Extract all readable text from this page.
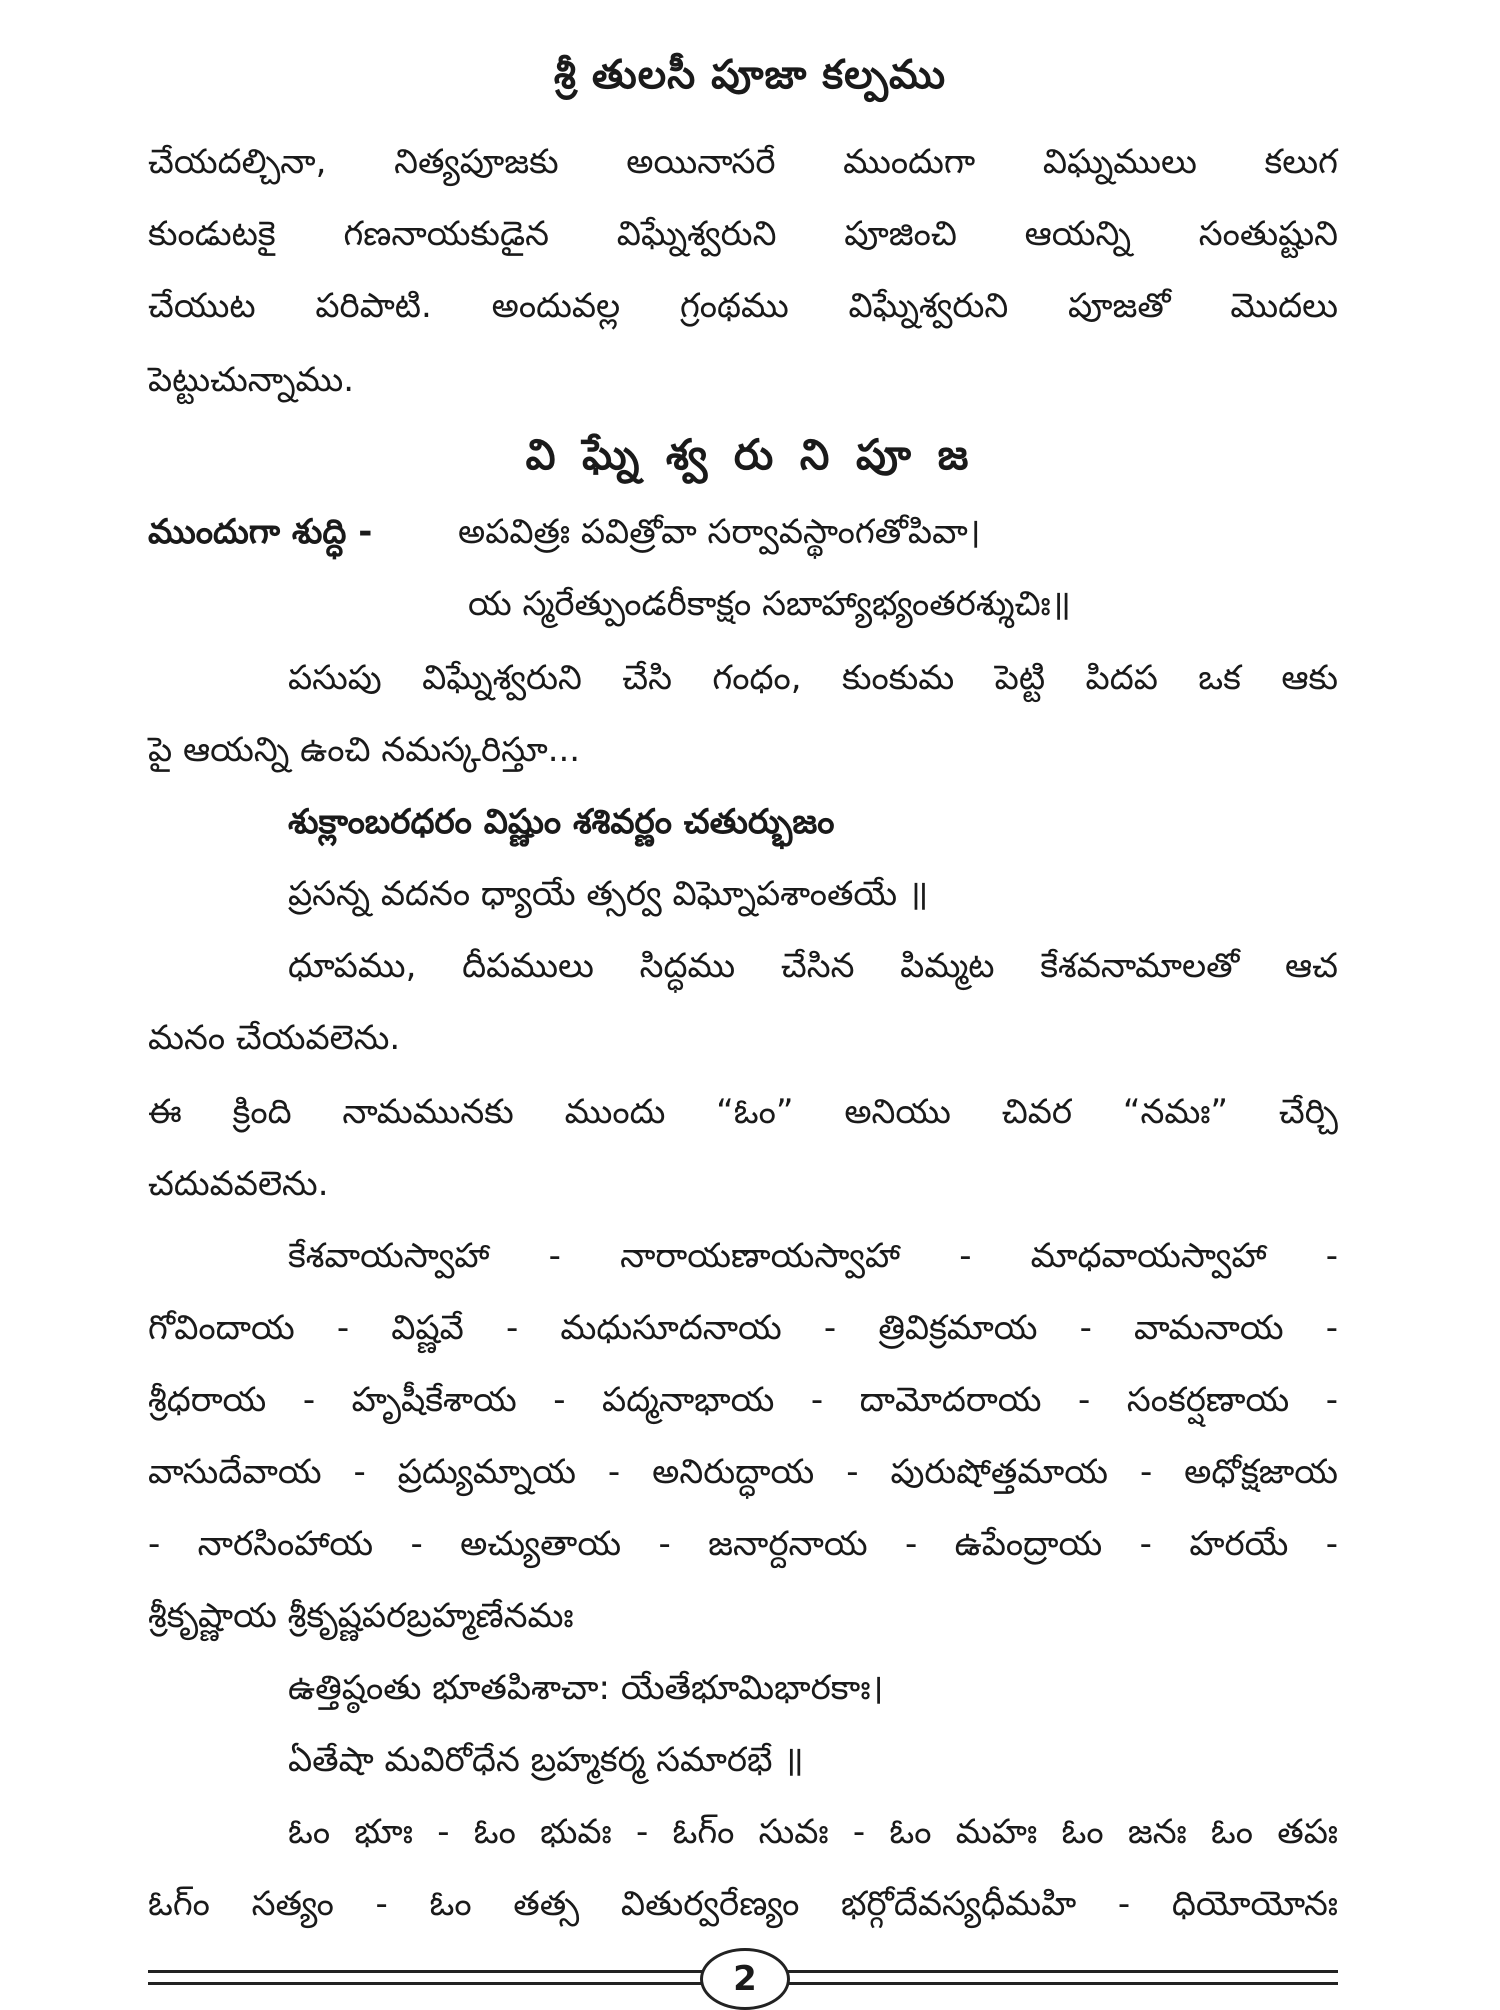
శ్రీ తులసీ పూజా కల్పము
చేయదల్చినా, నిత్యపూజకు అయినాసరే ముందుగా విఘ్నములు కలుగ
కుండుటకై గణనాయకుడైన విఘ్నేశ్వరుని పూజించి ఆయన్ని సంతుష్టుని
చేయుట పరిపాటి. అందువల్ల గ్రంథము విఘ్నేశ్వరుని పూజతో మొదలు
పెట్టుచున్నాము.
వి ఘ్నే శ్వ రు ని పూ జ
ముందుగా శుద్ధి -	అపవిత్రః పవిత్రోవా సర్వావస్థాంగతోపివా।
య స్మరేత్పుండరీకాక్షం సబాహ్యాభ్యంతరశ్శుచిః॥
పసుపు విఘ్నేశ్వరుని చేసి గంధం, కుంకుమ పెట్టి పిదప ఒక ఆకు
పై ఆయన్ని ఉంచి నమస్కరిస్తూ...
శుక్లాంబరధరం విష్ణుం శశివర్ణం చతుర్భుజం
ప్రసన్న వదనం ధ్యాయే త్సర్వ విఘ్నోపశాంతయే ॥
ధూపము, దీపములు సిద్ధము చేసిన పిమ్మట కేశవనామాలతో ఆచ
మనం చేయవలెను.
ఈ క్రింది నామమునకు ముందు “ఓం” అనియు చివర “నమః” చేర్చి
చదువవలెను.
కేశవాయస్వాహా - నారాయణాయస్వాహా - మాధవాయస్వాహా -
గోవిందాయ - విష్ణవే - మధుసూదనాయ - త్రివిక్రమాయ - వామనాయ -
శ్రీధరాయ - హృషీకేశాయ - పద్మనాభాయ - దామోదరాయ - సంకర్షణాయ -
వాసుదేవాయ - ప్రద్యుమ్నాయ - అనిరుద్ధాయ - పురుషోత్తమాయ - అధోక్షజాయ
- నారసింహాయ - అచ్యుతాయ - జనార్దనాయ - ఉపేంద్రాయ - హరయే -
శ్రీకృష్ణాయ శ్రీకృష్ణపరబ్రహ్మణేనమః
ఉత్తిష్ఠంతు భూతపిశాచా: యేతేభూమిభారకాః।
ఏతేషా మవిరోధేన బ్రహ్మకర్మ సమారభే ॥
ఓం భూః - ఓం భువః - ఓగ్ం సువః - ఓం మహః ఓం జనః ఓం తపః
ఓగ్ం సత్యం - ఓం తత్స వితుర్వరేణ్యం భర్గోదేవస్యధీమహి - ధియోయోనః
2
